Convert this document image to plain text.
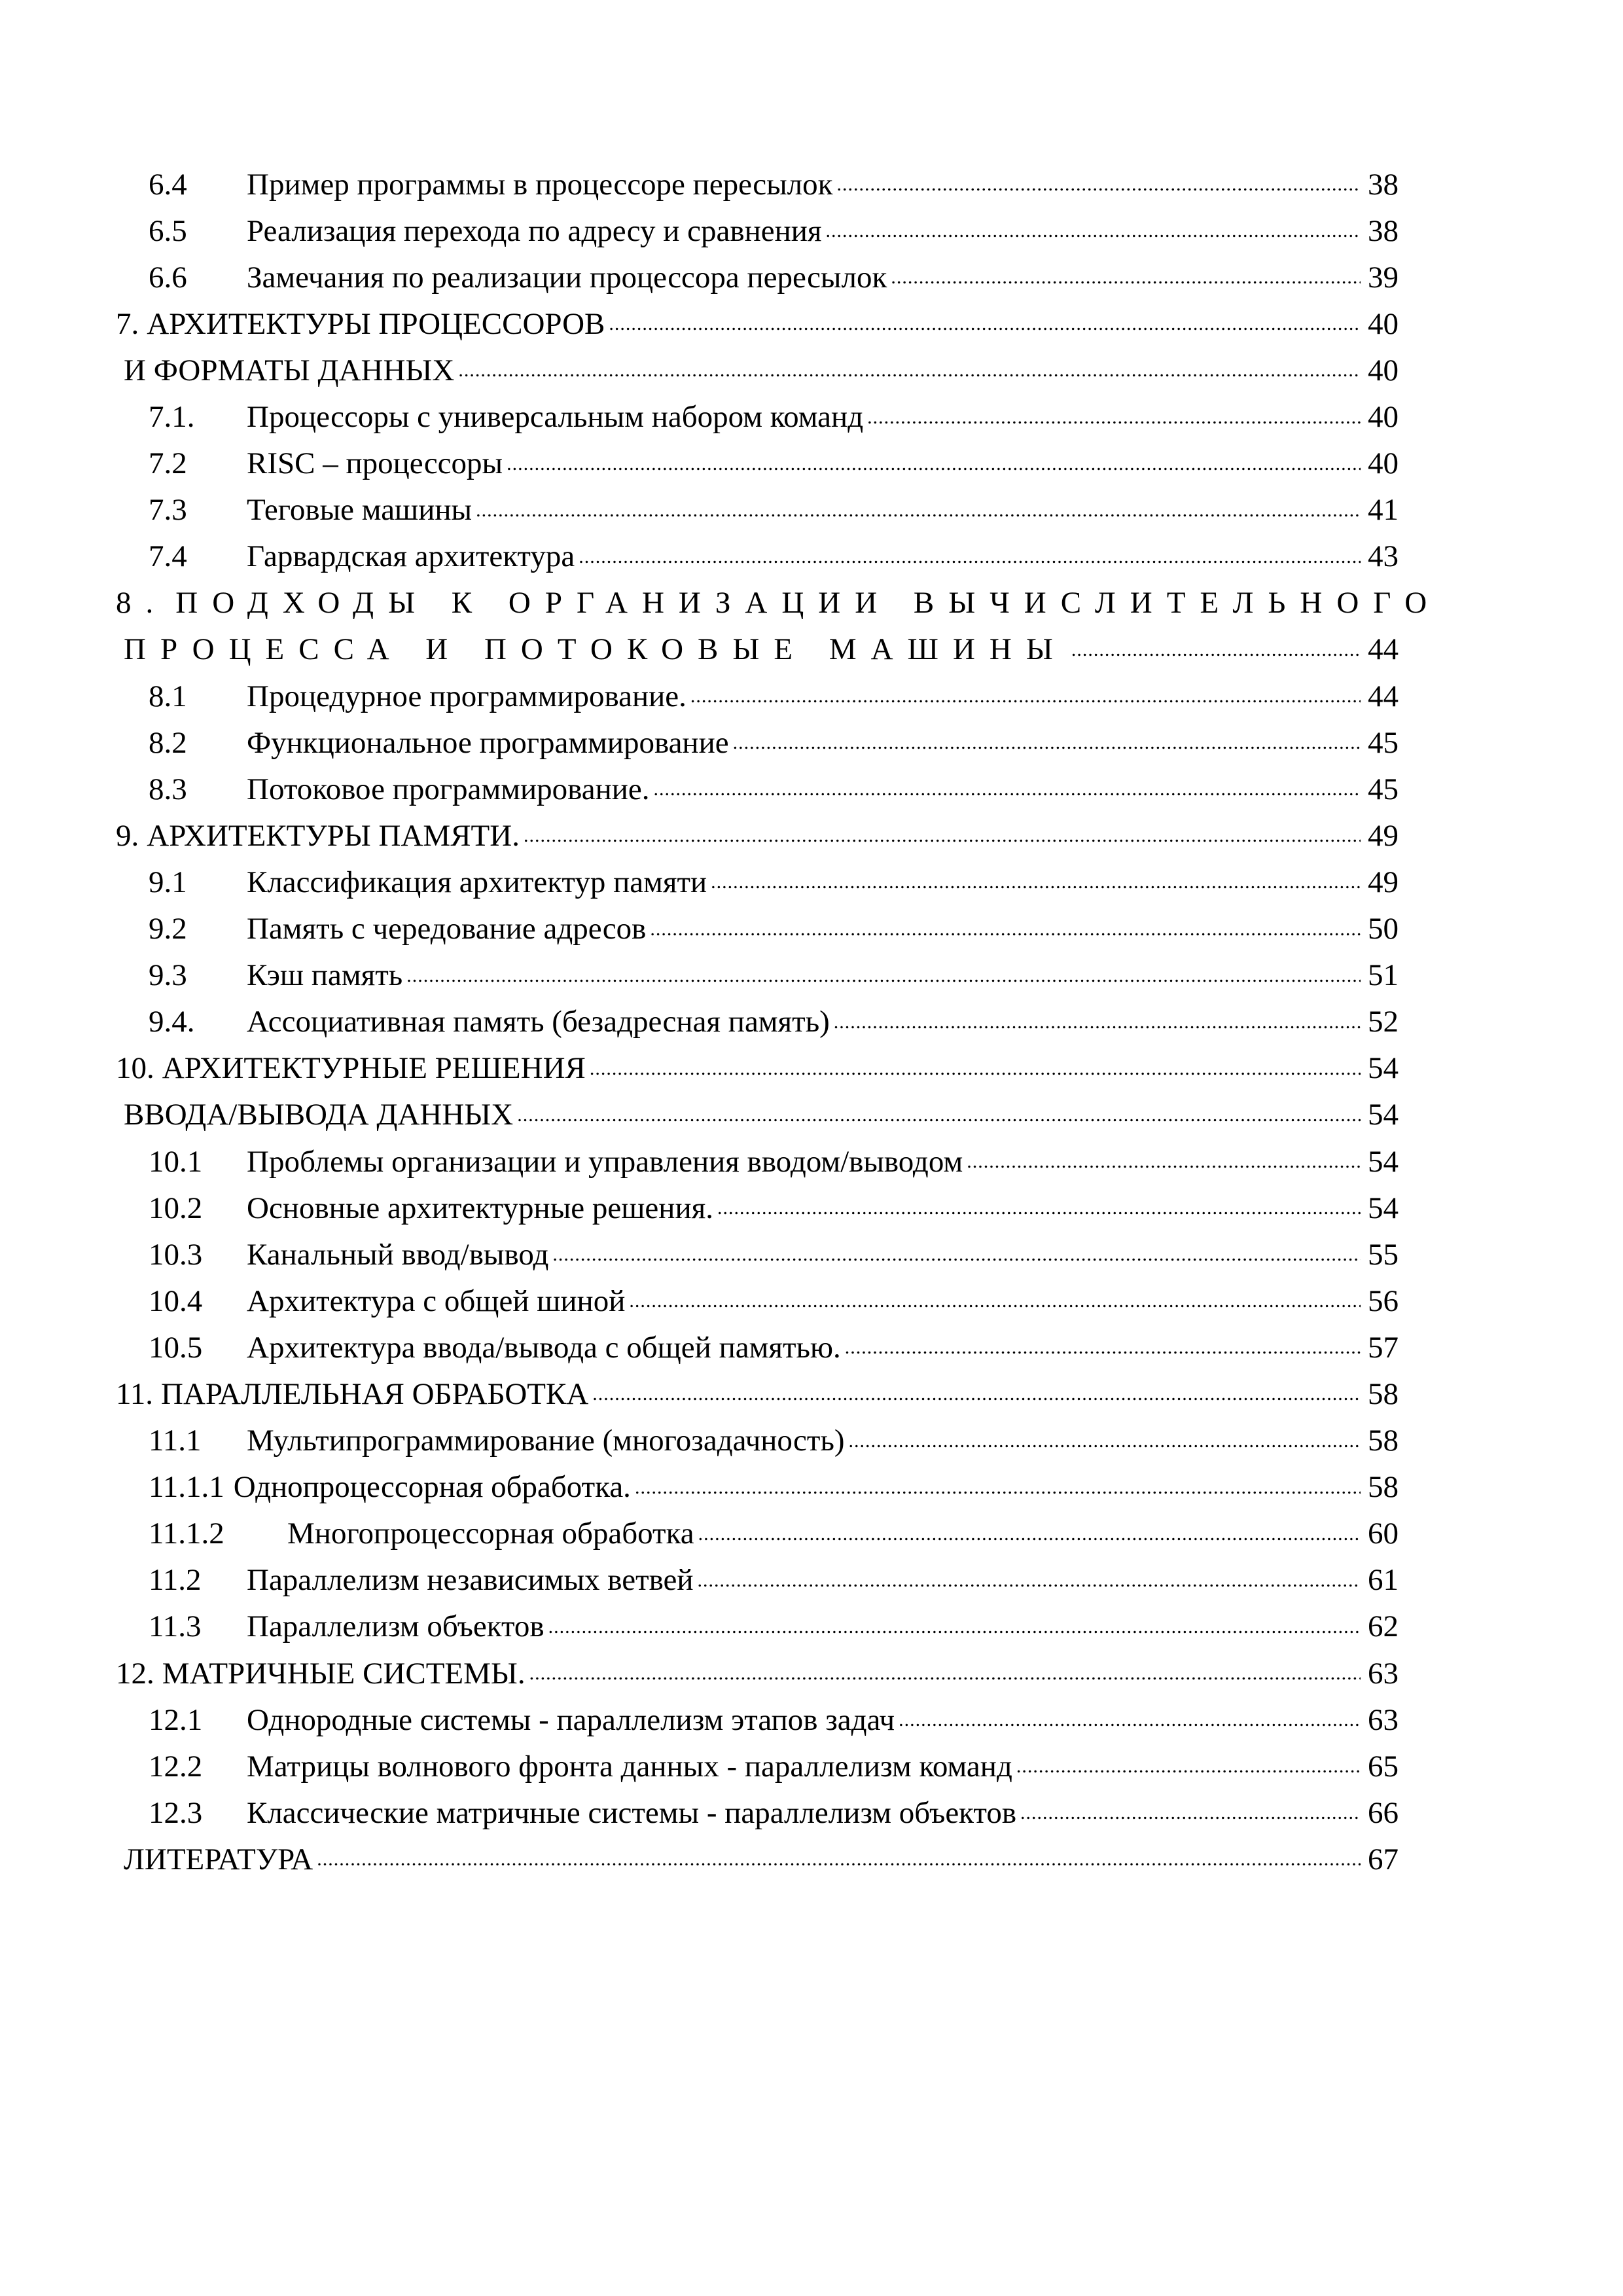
6.4	Пример программы в процессоре пересылок .....	38
6.5	Реализация перехода по адресу и сравнения .....	38
6.6	Замечания по реализации процессора пересылок .....	39
7. АРХИТЕКТУРЫ ПРОЦЕССОРОВ .....	40
И ФОРМАТЫ ДАННЫХ .....	40
7.1.	Процессоры с универсальным набором команд .....	40
7.2	RISC – процессоры .....	40
7.3	Теговые машины .....	41
7.4	Гарвардская архитектура .....	43
8. ПОДХОДЫ К ОРГАНИЗАЦИИ ВЫЧИСЛИТЕЛЬНОГО
ПРОЦЕССА И ПОТОКОВЫЕ МАШИНЫ .....	44
8.1	Процедурное программирование. .....	44
8.2	Функциональное программирование .....	45
8.3	Потоковое программирование. .....	45
9. АРХИТЕКТУРЫ ПАМЯТИ. .....	49
9.1	Классификация архитектур памяти .....	49
9.2	Память с чередование адресов .....	50
9.3	Кэш память .....	51
9.4.	Ассоциативная память (безадресная память) .....	52
10. АРХИТЕКТУРНЫЕ РЕШЕНИЯ .....	54
ВВОДА/ВЫВОДА ДАННЫХ .....	54
10.1	Проблемы организации и управления вводом/выводом .....	54
10.2	Основные архитектурные решения. .....	54
10.3	Канальный ввод/вывод .....	55
10.4	Архитектура с общей шиной .....	56
10.5	Архитектура ввода/вывода с общей памятью. .....	57
11. ПАРАЛЛЕЛЬНАЯ ОБРАБОТКА .....	58
11.1	Мультипрограммирование (многозадачность) .....	58
11.1.1 Однопроцессорная обработка. .....	58
11.1.2	Многопроцессорная обработка .....	60
11.2	Параллелизм независимых ветвей .....	61
11.3	Параллелизм объектов .....	62
12. МАТРИЧНЫЕ СИСТЕМЫ. .....	63
12.1	Однородные системы - параллелизм этапов задач .....	63
12.2	Матрицы волнового фронта данных - параллелизм команд .....	65
12.3	Классические матричные системы - параллелизм объектов .....	66
ЛИТЕРАТУРА .....	67
